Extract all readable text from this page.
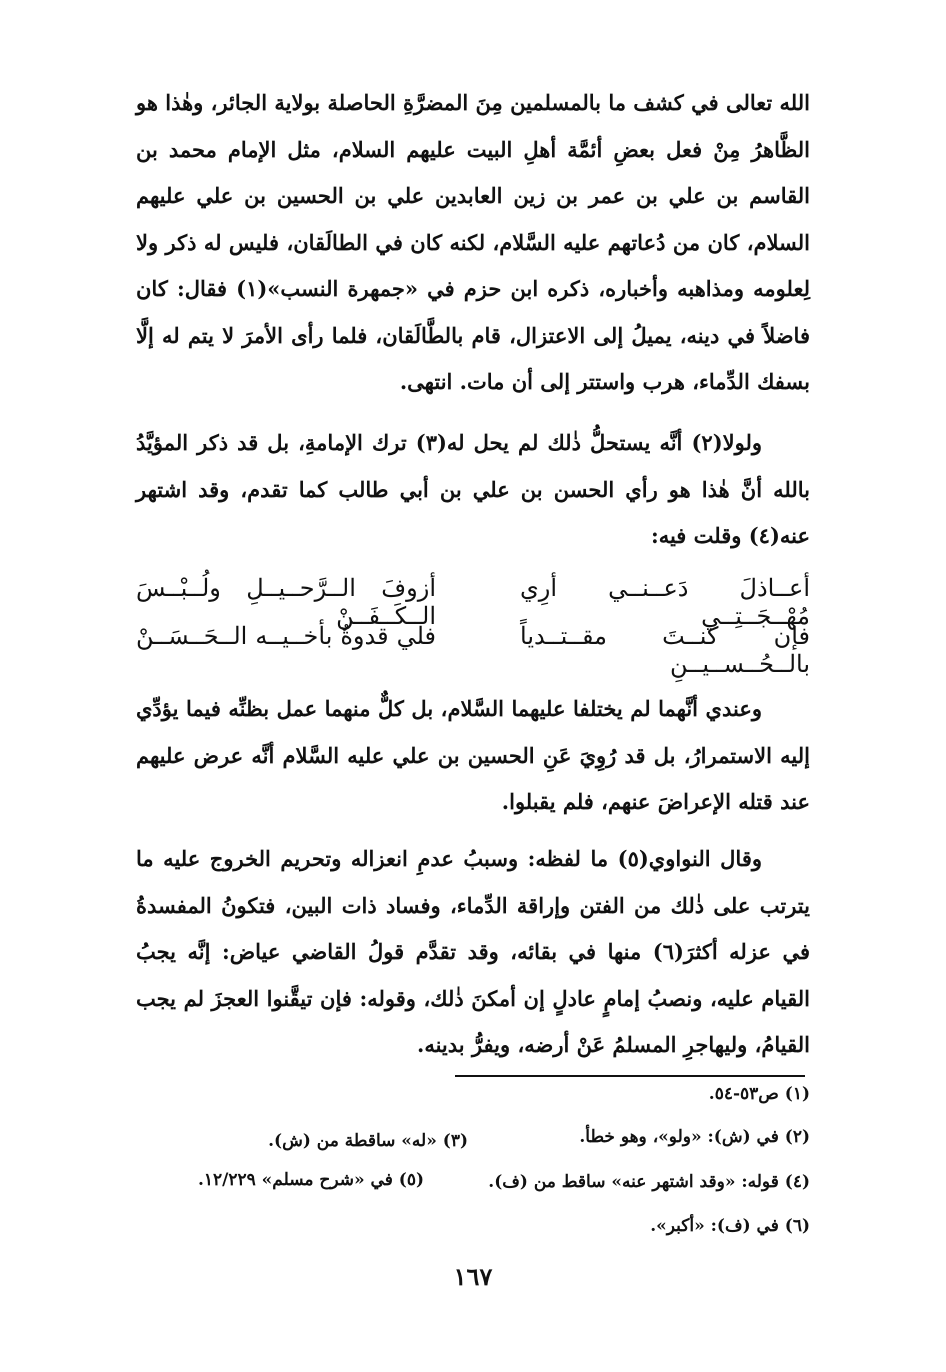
الله تعالى في كشف ما بالمسلمين مِنَ المضرَّةِ الحاصلة بولاية الجائر، وهٰذا هو الظَّاهرُ مِنْ فعل بعضِ أئمَّة أهلِ البيت عليهم السلام، مثل الإمام محمد بن القاسم بن علي بن عمر بن زين العابدين علي بن الحسين بن علي عليهم السلام، كان من دُعاتهم عليه السَّلام، لكنه كان في الطالَقان، فليس له ذكر ولا لِعلومه ومذاهبه وأخباره، ذكره ابن حزم في «جمهرة النسب»(١) فقال: كان فاضلاً في دينه، يميلُ إلى الاعتزال، قام بالطَّالَقان، فلما رأى الأمرَ لا يتم له إلَّا بسفك الدِّماء، هرب واستتر إلى أن مات. انتهى.

ولولا(٢) أنَّه يستحلُّ ذٰلك لم يحل له(٣) ترك الإمامةِ، بل قد ذكر المؤيَّدُ بالله أنَّ هٰذا هو رأي الحسن بن علي بن أبي طالب كما تقدم، وقد اشتهر عنه(٤) وقلت فيه:

أعــاذلَ دَعــنــي أرِي مُهْــجَــتِــي
أزوفَ الــرَّحــيــلِ ولُــبْــسَ الــكَــفَــنْ
فإن كنــتَ مقــتــدياً بالــحُــســيــنِ
فلي قدوةٌ بأخــيــه الــحَــسَــنْ

وعندي أنَّهما لم يختلفا عليهما السَّلام، بل كلٌّ منهما عمل بظنِّه فيما يؤدِّي إليه الاستمرارُ، بل قد رُوِيَ عَنِ الحسين بن علي عليه السَّلام أنَّه عرض عليهم عند قتله الإعراضَ عنهم، فلم يقبلوا.

وقال النواوي(٥) ما لفظه: وسببُ عدمِ انعزاله وتحريم الخروج عليه ما يترتب على ذٰلك من الفتن وإراقة الدِّماء، وفساد ذات البين، فتكونُ المفسدةُ في عزله أكثرَ(٦) منها في بقائه، وقد تقدَّم قولُ القاضي عياض: إنَّه يجبُ القيام عليه، ونصبُ إمامٍ عادلٍ إن أمكنَ ذٰلك، وقوله: فإن تيقَّنوا العجزَ لم يجب القيامُ، وليهاجرِ المسلمُ عَنْ أرضه، ويفرُّ بدينه.

(١) ص٥٣-٥٤.
(٢) في (ش): «ولو»، وهو خطأ.
(٣) «له» ساقطة من (ش).
(٤) قوله: «وقد اشتهر عنه» ساقط من (ف).
(٥) في «شرح مسلم» ١٢/٢٢٩.
(٦) في (ف): «أكبر».
١٦٧
